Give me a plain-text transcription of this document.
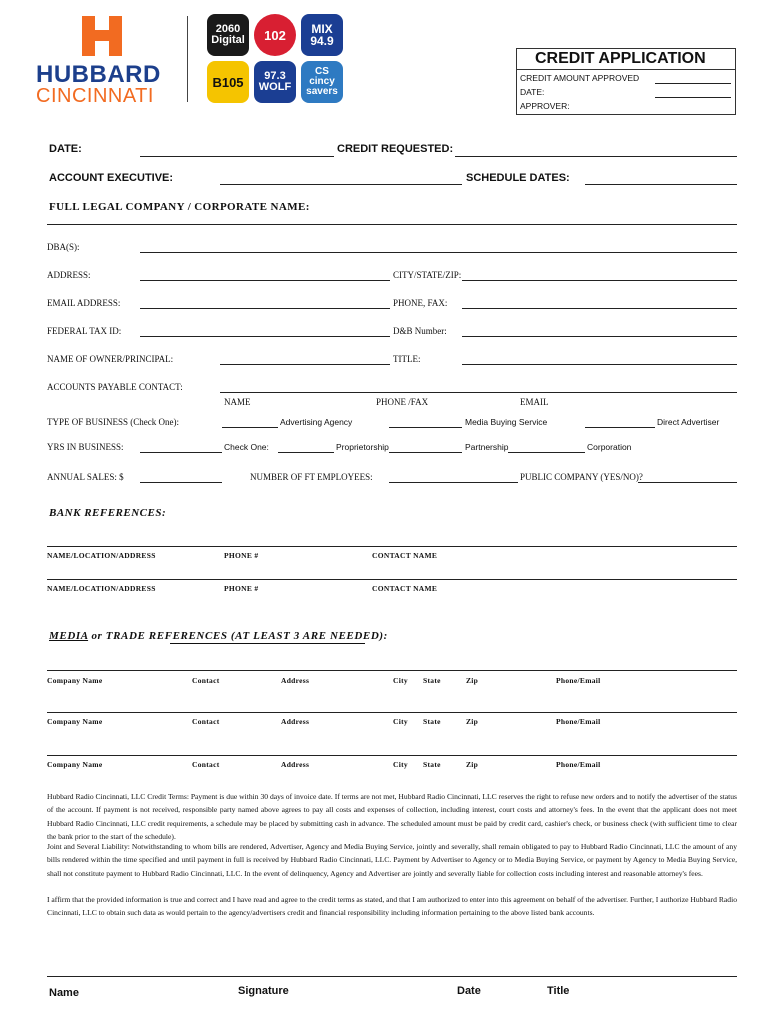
HUBBARD
CINCINNATI
2060 Digital	102	MIX 94.9
B105	97.3 WOLF
CS cincy savers
CREDIT APPLICATION
CREDIT AMOUNT APPROVED
DATE:
APPROVER:
DATE:	CREDIT REQUESTED:
ACCOUNT EXECUTIVE:	SCHEDULE DATES:
FULL LEGAL COMPANY / CORPORATE NAME:
DBA(S):
ADDRESS:	CITY/STATE/ZIP:
EMAIL ADDRESS:	PHONE, FAX:
FEDERAL TAX ID:	D&B Number:
NAME OF OWNER/PRINCIPAL:	TITLE:
ACCOUNTS PAYABLE CONTACT:
NAME	PHONE /FAX	EMAIL
TYPE OF BUSINESS (Check One):	Advertising Agency	Media Buying Service	Direct Advertiser
YRS IN BUSINESS:	Check One:	Proprietorship	Partnership	Corporation
ANNUAL SALES: $	NUMBER OF FT EMPLOYEES:	PUBLIC COMPANY (YES/NO)?
BANK REFERENCES:
NAME/LOCATION/ADDRESS	PHONE #	CONTACT NAME
NAME/LOCATION/ADDRESS	PHONE #	CONTACT NAME
MEDIA or TRADE REFERENCES (AT LEAST 3 ARE NEEDED):
Company Name	Contact	Address	City State	Zip	Phone/Email
Company Name	Contact	Address	City State	Zip	Phone/Email
Company Name	Contact	Address	City State	Zip	Phone/Email
Hubbard Radio Cincinnati, LLC Credit Terms: Payment is due within 30 days of invoice date. If terms are not met, Hubbard Radio Cincinnati, LLC reserves the right to refuse new orders and to notify the advertiser of the status of the account. If payment is not received, responsible party named above agrees to pay all costs and expenses of collection, including interest, court costs and attorney's fees. In the event that the applicant does not meet Hubbard Radio Cincinnati, LLC credit requirements, a schedule may be placed by submitting cash in advance. The scheduled amount must be paid by credit card, cashier's check, or business check (with sufficient time to clear the bank prior to the start of the schedule).
Joint and Several Liability: Notwithstanding to whom bills are rendered, Advertiser, Agency and Media Buying Service, jointly and severally, shall remain obligated to pay to Hubbard Radio Cincinnati, LLC the amount of any bills rendered within the time specified and until payment in full is received by Hubbard Radio Cincinnati, LLC. Payment by Advertiser to Agency or to Media Buying Service, or payment by Agency to Media Buying Service, shall not constitute payment to Hubbard Radio Cincinnati, LLC. In the event of delinquency, Agency and Advertiser are jointly and severally liable for collection costs including interest and reasonable attorney's fees.
I affirm that the provided information is true and correct and I have read and agree to the credit terms as stated, and that I am authorized to enter into this agreement on behalf of the advertiser. Further, I authorize Hubbard Radio Cincinnati, LLC to obtain such data as would pertain to the agency/advertisers credit and financial responsibility including information pertaining to the above listed bank accounts.
Name	Signature	Date	Title
